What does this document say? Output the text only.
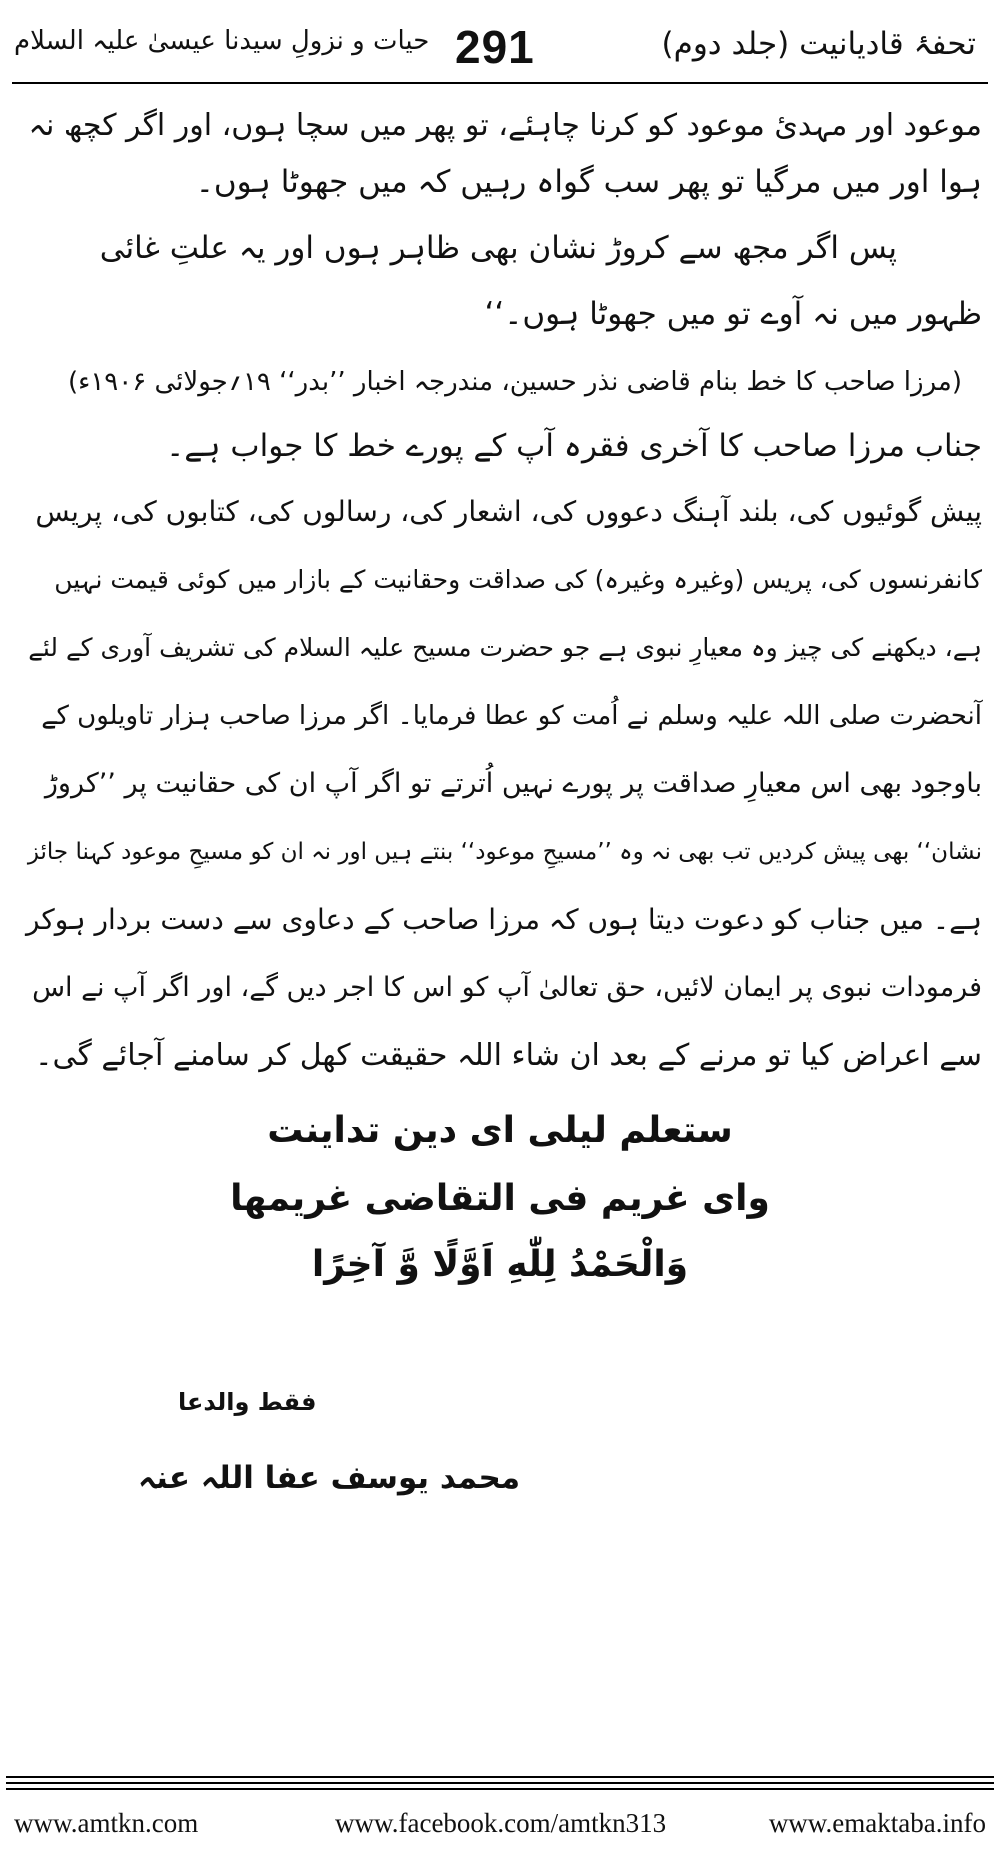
تحفۂ قادیانیت (جلد دوم)
291
حیات و نزولِ سیدنا عیسیٰ علیہ السلام
موعود اور مہدیٔ موعود کو کرنا چاہئے، تو پھر میں سچا ہوں، اور اگر کچھ نہ
ہوا اور میں مرگیا تو پھر سب گواہ رہیں کہ میں جھوٹا ہوں۔
پس اگر مجھ سے کروڑ نشان بھی ظاہر ہوں اور یہ علتِ غائی
ظہور میں نہ آوے تو میں جھوٹا ہوں۔‘‘
(مرزا صاحب کا خط بنام قاضی نذر حسین، مندرجہ اخبار ’’بدر‘‘ ۱۹؍جولائی ۱۹۰۶ء)
جناب مرزا صاحب کا آخری فقرہ آپ کے پورے خط کا جواب ہے۔
پیش گوئیوں کی، بلند آہنگ دعووں کی، اشعار کی، رسالوں کی، کتابوں کی، پریس
کانفرنسوں کی، پریس (وغیرہ وغیرہ) کی صداقت وحقانیت کے بازار میں کوئی قیمت نہیں
ہے، دیکھنے کی چیز وہ معیارِ نبوی ہے جو حضرت مسیح علیہ السلام کی تشریف آوری کے لئے
آنحضرت صلی اللہ علیہ وسلم نے اُمت کو عطا فرمایا۔ اگر مرزا صاحب ہزار تاویلوں کے
باوجود بھی اس معیارِ صداقت پر پورے نہیں اُترتے تو اگر آپ ان کی حقانیت پر ’’کروڑ
نشان‘‘ بھی پیش کردیں تب بھی نہ وہ ’’مسیحِ موعود‘‘ بنتے ہیں اور نہ ان کو مسیحِ موعود کہنا جائز
ہے۔ میں جناب کو دعوت دیتا ہوں کہ مرزا صاحب کے دعاوی سے دست بردار ہوکر
فرمودات نبوی پر ایمان لائیں، حق تعالیٰ آپ کو اس کا اجر دیں گے، اور اگر آپ نے اس
سے اعراض کیا تو مرنے کے بعد ان شاء اللہ حقیقت کھل کر سامنے آجائے گی۔
ستعلم لیلی ای دین تداینت
وای غریم فی التقاضی غریمها
وَالْحَمْدُ لِلّٰهِ اَوَّلًا وَّ آخِرًا
فقط والدعا
محمد یوسف عفا اللہ عنہ
www.amtkn.com	www.facebook.com/amtkn313	www.emaktaba.info
